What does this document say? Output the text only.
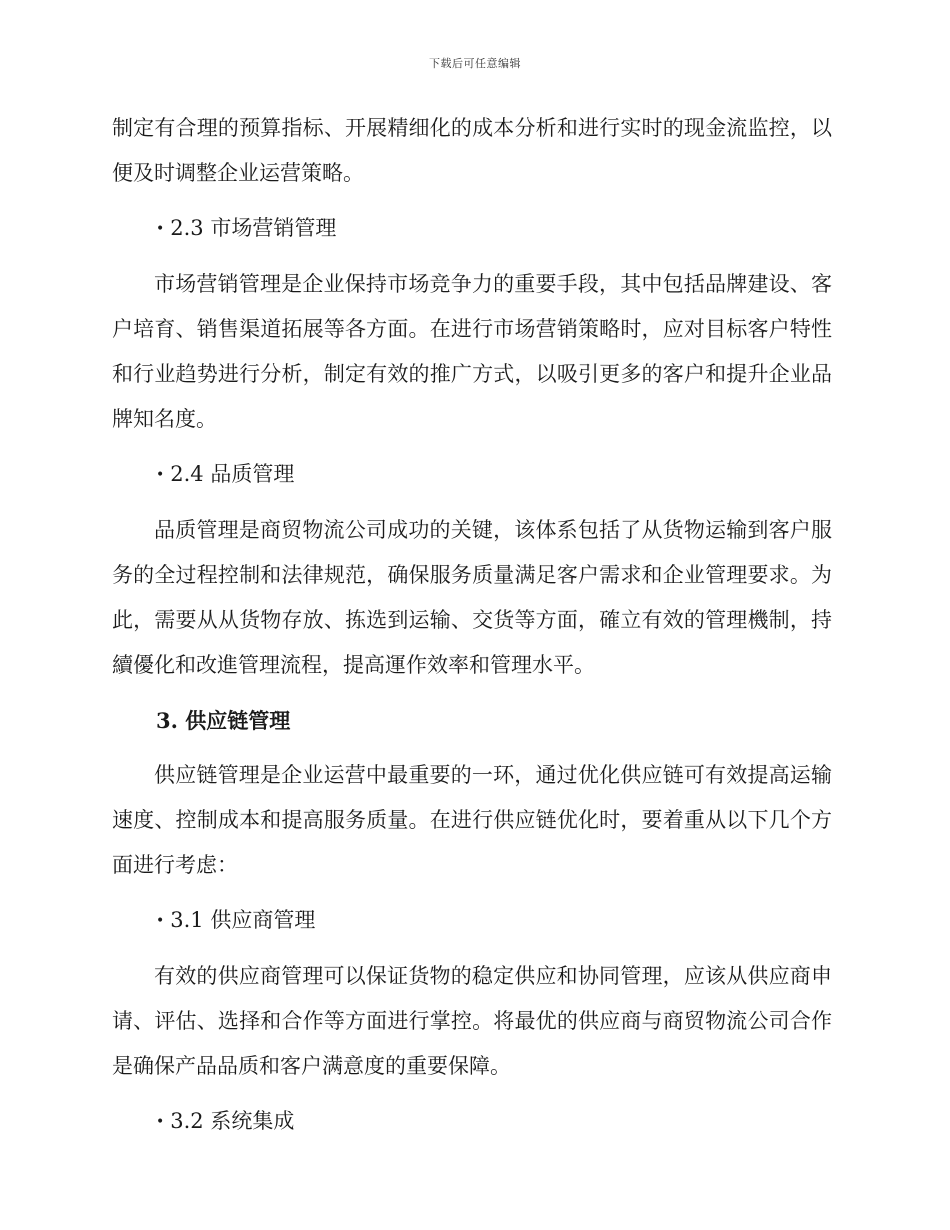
下载后可任意编辑

制定有合理的预算指标、开展精细化的成本分析和进行实时的现金流监控，以便及时调整企业运营策略。

• 2.3 市场营销管理

市场营销管理是企业保持市场竞争力的重要手段，其中包括品牌建设、客户培育、销售渠道拓展等各方面。在进行市场营销策略时，应对目标客户特性和行业趋势进行分析，制定有效的推广方式，以吸引更多的客户和提升企业品牌知名度。

• 2.4 品质管理

品质管理是商贸物流公司成功的关键，该体系包括了从货物运输到客户服务的全过程控制和法律规范，确保服务质量满足客户需求和企业管理要求。为此，需要从从货物存放、拣选到运输、交货等方面，確立有效的管理機制，持續優化和改進管理流程，提高運作效率和管理水平。

3. 供应链管理

供应链管理是企业运营中最重要的一环，通过优化供应链可有效提高运输速度、控制成本和提高服务质量。在进行供应链优化时，要着重从以下几个方面进行考虑：

• 3.1 供应商管理

有效的供应商管理可以保证货物的稳定供应和协同管理，应该从供应商申请、评估、选择和合作等方面进行掌控。将最优的供应商与商贸物流公司合作是确保产品品质和客户满意度的重要保障。

• 3.2 系统集成
